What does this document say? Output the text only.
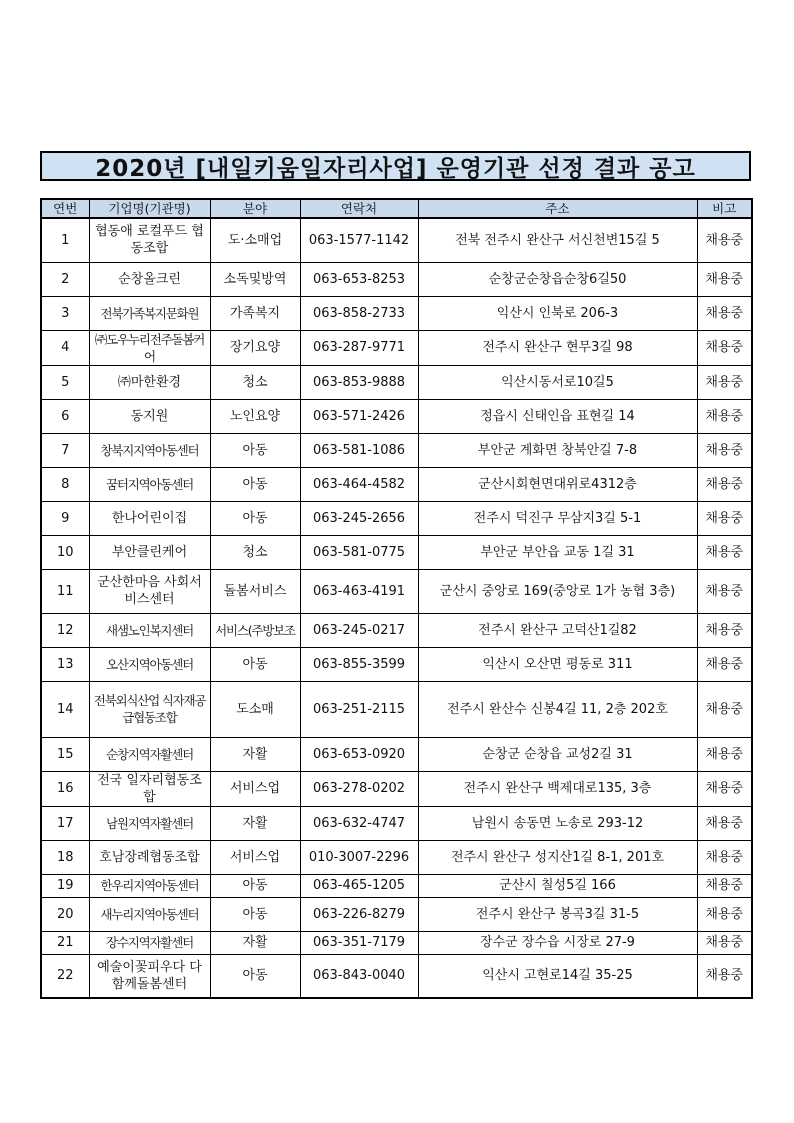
2020년 [내일키움일자리사업] 운영기관 선정 결과 공고
연번	기업명(기관명)	분야	연락처	주소	비고
1	협동애 로컬푸드 협동조합	도·소매업	063-1577-1142	전북 전주시 완산구 서신천변15길 5	채용중
2	순창올크린	소독및방역	063-653-8253	순창군순창읍순창6길50	채용중
3	전북가족복지문화원	가족복지	063-858-2733	익산시 인북로 206-3	채용중
4	㈜도우누리전주돌봄커어	장기요양	063-287-9771	전주시 완산구 현무3길 98	채용중
5	㈜마한환경	청소	063-853-9888	익산시동서로10길5	채용중
6	동지원	노인요양	063-571-2426	정읍시 신태인읍 표현길 14	채용중
7	창북지지역아동센터	아동	063-581-1086	부안군 계화면 창북안길 7-8	채용중
8	꿈터지역아동센터	아동	063-464-4582	군산시회현면대위로4312층	채용중
9	한나어린이집	아동	063-245-2656	전주시 덕진구 무삼지3길 5-1	채용중
10	부안클린케어	청소	063-581-0775	부안군 부안읍 교동 1길 31	채용중
11	군산한마음 사회서비스센터	돌봄서비스	063-463-4191	군산시 중앙로 169(중앙로 1가 농협 3층)	채용중
12	새샘노인복지센터	서비스(주방보조	063-245-0217	전주시 완산구 고덕산1길82	채용중
13	오산지역아동센터	아동	063-855-3599	익산시 오산면 평동로 311	채용중
14	전북외식산업 식자재공급협동조합	도소매	063-251-2115	전주시 완산수 신봉4길 11, 2층 202호	채용중
15	순창지역자활센터	자활	063-653-0920	순창군 순창읍 교성2길 31	채용중
16	전국 일자리협동조합	서비스업	063-278-0202	전주시 완산구 백제대로135, 3층	채용중
17	남원지역자활센터	자활	063-632-4747	남원시 송동면 노송로 293-12	채용중
18	호남장례협동조합	서비스업	010-3007-2296	전주시 완산구 성지산1길 8-1, 201호	채용중
19	한우리지역아동센터	아동	063-465-1205	군산시 칠성5길 166	채용중
20	새누리지역아동센터	아동	063-226-8279	전주시 완산구 봉곡3길 31-5	채용중
21	장수지역자활센터	자활	063-351-7179	장수군 장수읍 시장로 27-9	채용중
22	예술이꽃피우다 다함께돌봄센터	아동	063-843-0040	익산시 고현로14길 35-25	채용중
